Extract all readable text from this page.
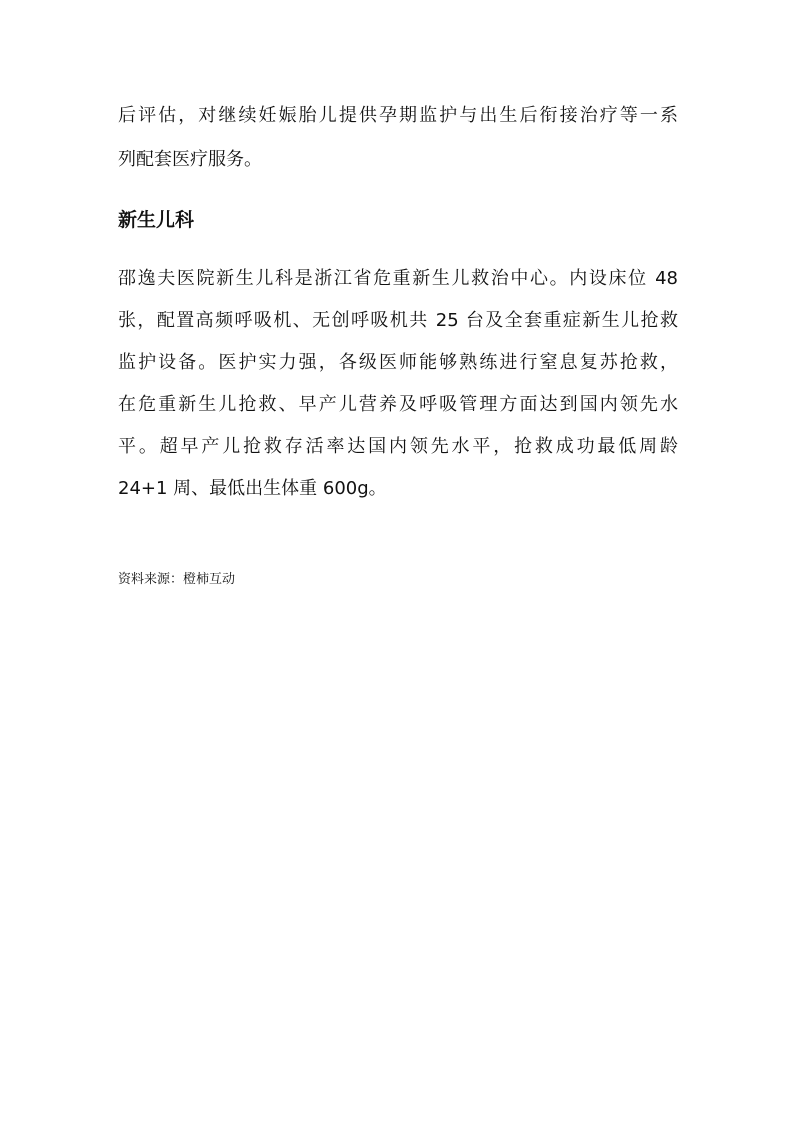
后评估，对继续妊娠胎儿提供孕期监护与出生后衔接治疗等一系
列配套医疗服务。
新生儿科
邵逸夫医院新生儿科是浙江省危重新生儿救治中心。内设床位 48
张，配置高频呼吸机、无创呼吸机共 25 台及全套重症新生儿抢救
监护设备。医护实力强，各级医师能够熟练进行窒息复苏抢救，
在危重新生儿抢救、早产儿营养及呼吸管理方面达到国内领先水
平。超早产儿抢救存活率达国内领先水平，抢救成功最低周龄
24+1 周、最低出生体重 600g。
资料来源：橙柿互动
